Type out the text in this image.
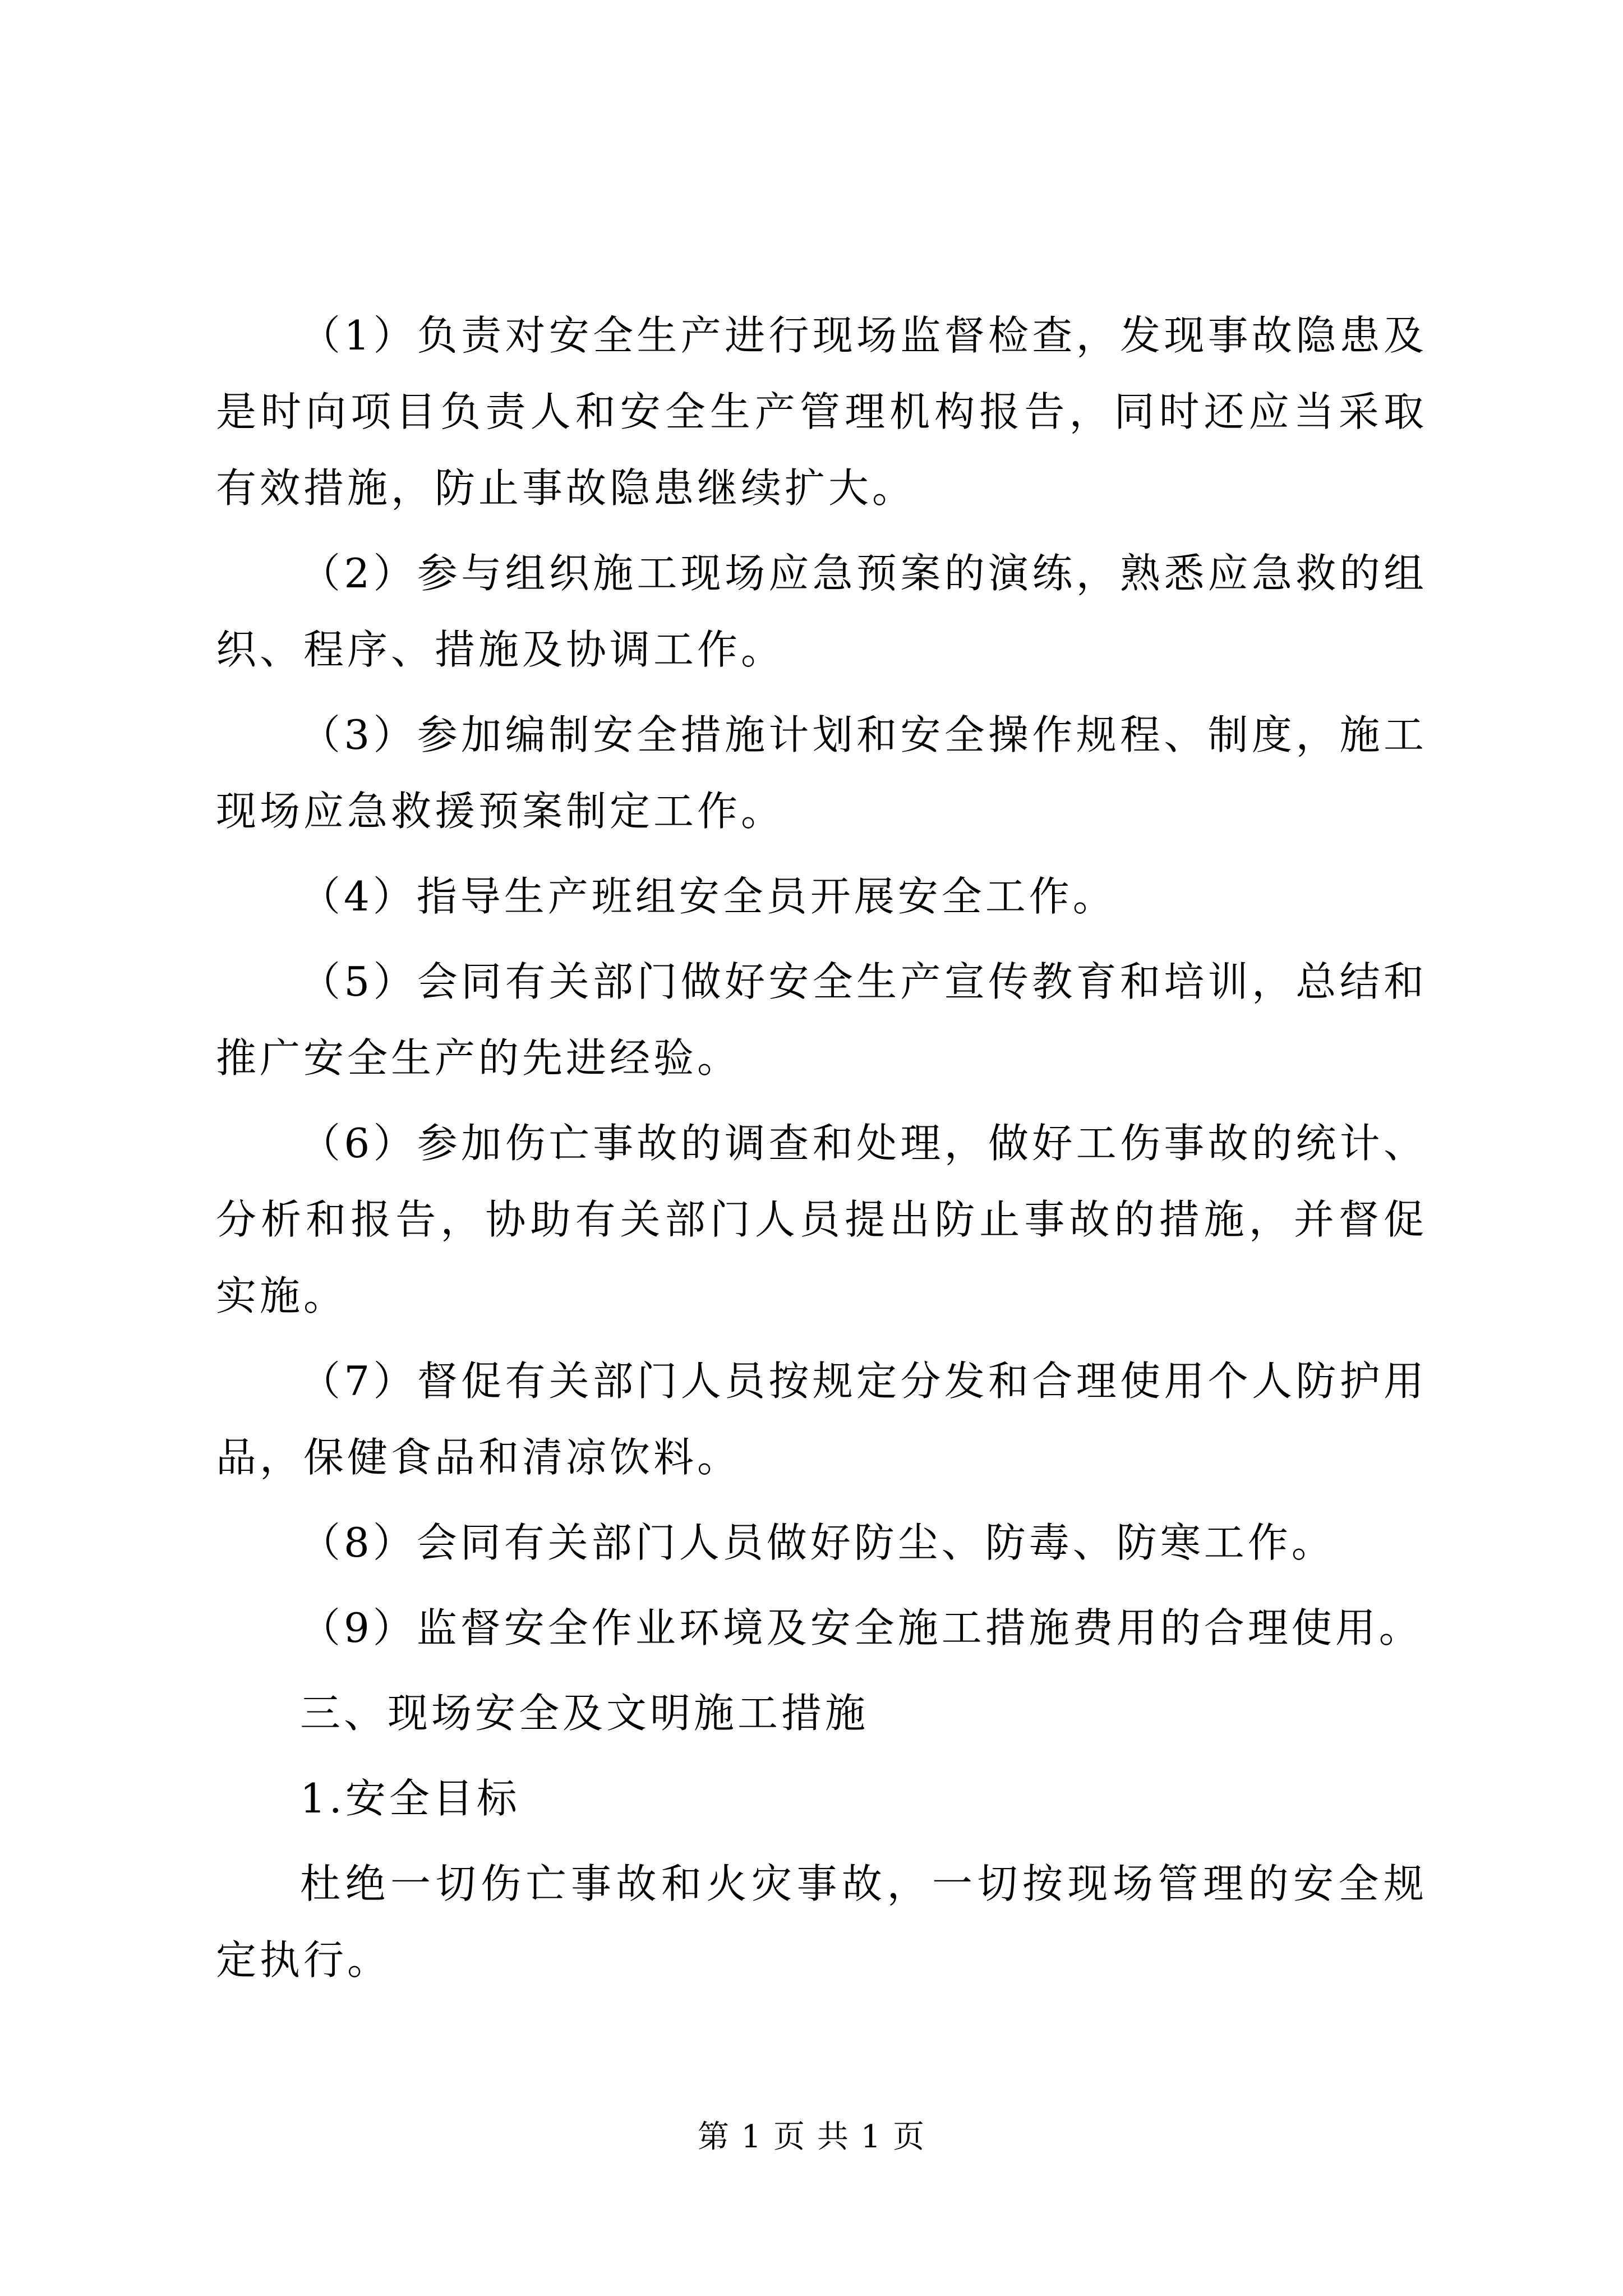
（1）负责对安全生产进行现场监督检查，发现事故隐患及是时向项目负责人和安全生产管理机构报告，同时还应当采取有效措施，防止事故隐患继续扩大。

（2）参与组织施工现场应急预案的演练，熟悉应急救的组织、程序、措施及协调工作。

（3）参加编制安全措施计划和安全操作规程、制度，施工现场应急救援预案制定工作。

（4）指导生产班组安全员开展安全工作。

（5）会同有关部门做好安全生产宣传教育和培训，总结和推广安全生产的先进经验。

（6）参加伤亡事故的调查和处理，做好工伤事故的统计、分析和报告，协助有关部门人员提出防止事故的措施，并督促实施。

（7）督促有关部门人员按规定分发和合理使用个人防护用品，保健食品和清凉饮料。

（8）会同有关部门人员做好防尘、防毒、防寒工作。

（9）监督安全作业环境及安全施工措施费用的合理使用。

三、现场安全及文明施工措施

1.安全目标

杜绝一切伤亡事故和火灾事故，一切按现场管理的安全规定执行。

第 1 页 共 1 页
